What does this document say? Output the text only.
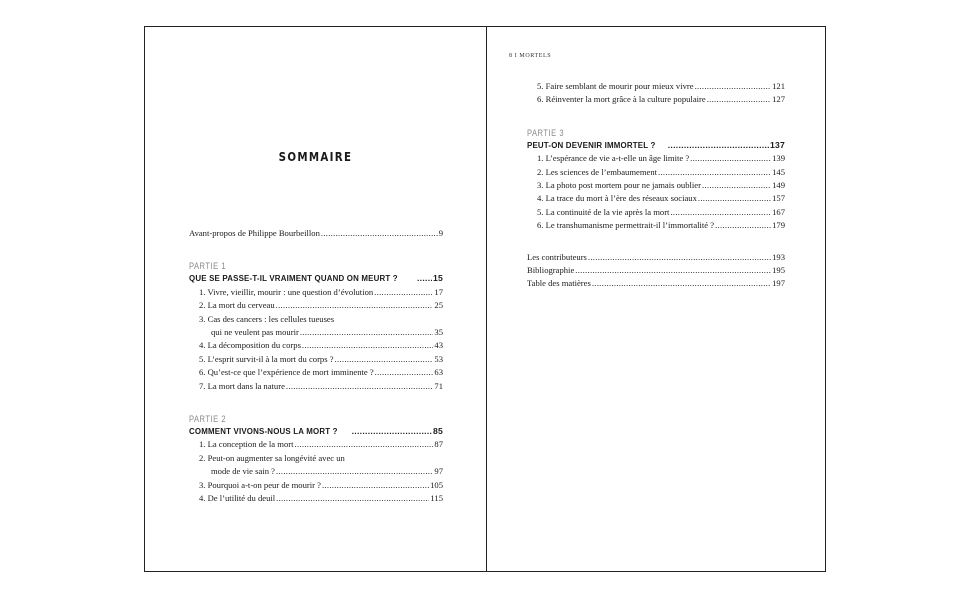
SOMMAIRE
Avant-propos de Philippe Bourbeillon .....	9
PARTIE 1
QUE SE PASSE-T-IL VRAIMENT QUAND ON MEURT ? .....	15
1. Vivre, vieillir, mourir : une question d’évolution .....	17
2. La mort du cerveau .....	25
3. Cas des cancers : les cellules tueuses
qui ne veulent pas mourir .....	35
4. La décomposition du corps .....	43
5. L’esprit survit-il à la mort du corps ? .....	53
6. Qu’est-ce que l’expérience de mort imminente ? .....	63
7. La mort dans la nature .....	71
PARTIE 2
COMMENT VIVONS-NOUS LA MORT ? .....	85
1. La conception de la mort .....	87
2. Peut-on augmenter sa longévité avec un
mode de vie sain ? .....	97
3. Pourquoi a-t-on peur de mourir ? .....	105
4. De l’utilité du deuil .....	115
8 I MORTELS
5. Faire semblant de mourir pour mieux vivre .....	121
6. Réinventer la mort grâce à la culture populaire .....	127
PARTIE 3
PEUT-ON DEVENIR IMMORTEL ? .....	137
1. L’espérance de vie a-t-elle un âge limite ? .....	139
2. Les sciences de l’embaumement .....	145
3. La photo post mortem pour ne jamais oublier .....	149
4. La trace du mort à l’ère des réseaux sociaux .....	157
5. La continuité de la vie après la mort .....	167
6. Le transhumanisme permettrait-il l’immortalité ? .....	179
Les contributeurs .....	193
Bibliographie .....	195
Table des matières .....	197
